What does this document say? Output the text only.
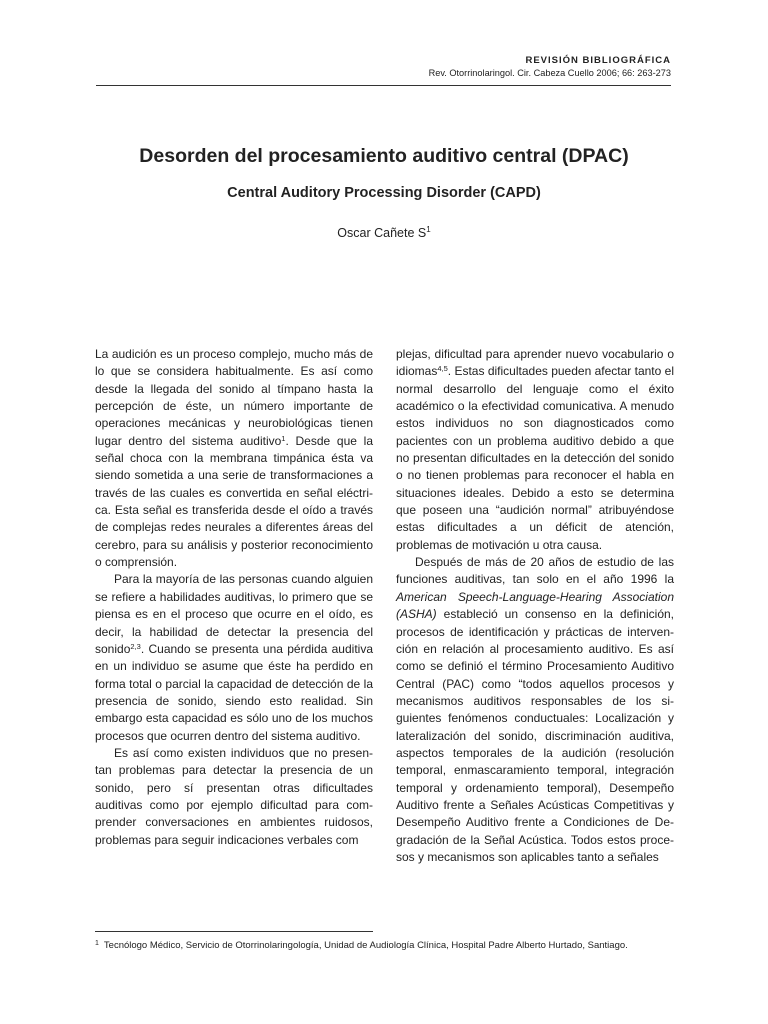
REVISIÓN BIBLIOGRÁFICA
Rev. Otorrinolaringol. Cir. Cabeza Cuello 2006; 66: 263-273
Desorden del procesamiento auditivo central (DPAC)
Central Auditory Processing Disorder (CAPD)
Oscar Cañete $S^1$

La audición es un proceso complejo, mucho más de lo que se considera habitualmente. Es así como desde la llegada del sonido al tímpano hasta la percepción de éste, un número importante de operaciones mecánicas y neurobiológicas tienen lugar dentro del sistema auditivo$^1$. Desde que la señal choca con la membrana timpánica ésta va siendo sometida a una serie de transformaciones a través de las cuales es convertida en señal eléctrica. Esta señal es transferida desde el oído a través de complejas redes neurales a diferentes áreas del cerebro, para su análisis y posterior reconocimiento o comprensión.

Para la mayoría de las personas cuando alguien se refiere a habilidades auditivas, lo primero que se piensa es en el proceso que ocurre en el oído, es decir, la habilidad de detectar la presencia del sonido$^{2,3}$. Cuando se presenta una pérdida auditiva en un individuo se asume que éste ha perdido en forma total o parcial la capacidad de detección de la presencia de sonido, siendo esto realidad. Sin embargo esta capacidad es sólo uno de los muchos procesos que ocurren dentro del sistema auditivo.

Es así como existen individuos que no presentan problemas para detectar la presencia de un sonido, pero sí presentan otras dificultades auditivas como por ejemplo dificultad para comprender conversaciones en ambientes ruidosos, problemas para seguir indicaciones verbales com

plejas, dificultad para aprender nuevo vocabulario o idiomas$^{4,5}$. Estas dificultades pueden afectar tanto el normal desarrollo del lenguaje como el éxito académico o la efectividad comunicativa. A menudo estos individuos no son diagnosticados como pacientes con un problema auditivo debido a que no presentan dificultades en la detección del sonido o no tienen problemas para reconocer el habla en situaciones ideales. Debido a esto se determina que poseen una “audición normal” atribuyéndose estas dificultades a un déficit de atención, problemas de motivación u otra causa.

Después de más de 20 años de estudio de las funciones auditivas, tan solo en el año 1996 la American Speech-Language-Hearing Association (ASHA) estableció un consenso en la definición, procesos de identificación y prácticas de intervención en relación al procesamiento auditivo. Es así como se definió el término Procesamiento Auditivo Central (PAC) como “todos aquellos procesos y mecanismos auditivos responsables de los siguientes fenómenos conductuales: Localización y lateralización del sonido, discriminación auditiva, aspectos temporales de la audición (resolución temporal, enmascaramiento temporal, integración temporal y ordenamiento temporal), Desempeño Auditivo frente a Señales Acústicas Competitivas y Desempeño Auditivo frente a Condiciones de Degradación de la Señal Acústica. Todos estos procesos y mecanismos son aplicables tanto a señales

$^1$ Tecnólogo Médico, Servicio de Otorrinolaringología, Unidad de Audiología Clínica, Hospital Padre Alberto Hurtado, Santiago.
